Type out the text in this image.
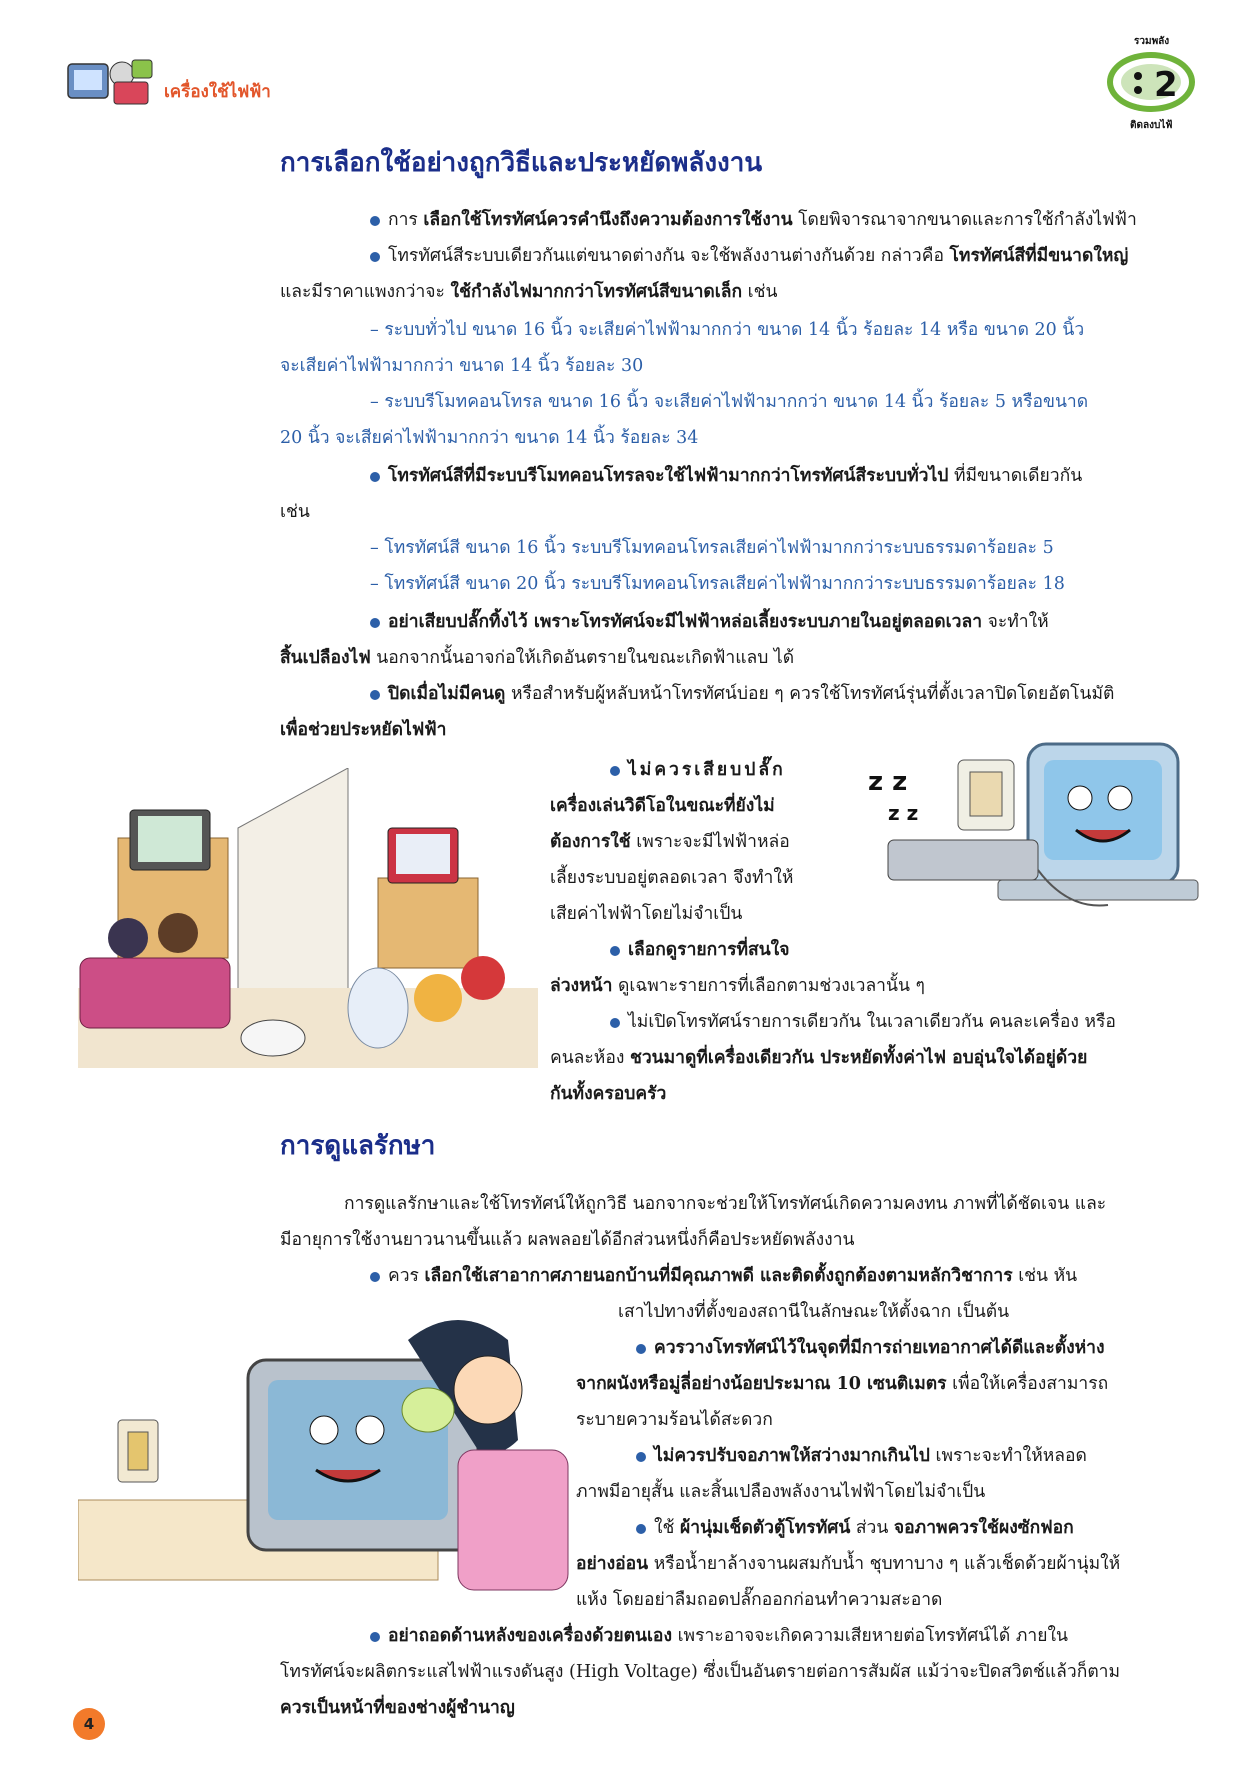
เครื่องใช้ไฟฟ้า	2
รวมพลัง
ติดลงบไฟ้
การเลือกใช้อย่างถูกวิธีและประหยัดพลังงาน

การ เลือกใช้โทรทัศน์ควรคำนึงถึงความต้องการใช้งาน โดยพิจารณาจากขนาดและการใช้กำลังไฟฟ้า

โทรทัศน์สีระบบเดียวกันแต่ขนาดต่างกัน จะใช้พลังงานต่างกันด้วย กล่าวคือ โทรทัศน์สีที่มีขนาดใหญ่

และมีราคาแพงกว่าจะ ใช้กำลังไฟมากกว่าโทรทัศน์สีขนาดเล็ก เช่น

– ระบบทั่วไป ขนาด 16 นิ้ว จะเสียค่าไฟฟ้ามากกว่า ขนาด 14 นิ้ว ร้อยละ 14 หรือ ขนาด 20 นิ้ว

จะเสียค่าไฟฟ้ามากกว่า ขนาด 14 นิ้ว ร้อยละ 30

– ระบบรีโมทคอนโทรล ขนาด 16 นิ้ว จะเสียค่าไฟฟ้ามากกว่า ขนาด 14 นิ้ว ร้อยละ 5 หรือขนาด

20 นิ้ว จะเสียค่าไฟฟ้ามากกว่า ขนาด 14 นิ้ว ร้อยละ 34

โทรทัศน์สีที่มีระบบรีโมทคอนโทรลจะใช้ไฟฟ้ามากกว่าโทรทัศน์สีระบบทั่วไป ที่มีขนาดเดียวกัน

เช่น

– โทรทัศน์สี ขนาด 16 นิ้ว ระบบรีโมทคอนโทรลเสียค่าไฟฟ้ามากกว่าระบบธรรมดาร้อยละ 5

– โทรทัศน์สี ขนาด 20 นิ้ว ระบบรีโมทคอนโทรลเสียค่าไฟฟ้ามากกว่าระบบธรรมดาร้อยละ 18

อย่าเสียบปลั๊กทิ้งไว้ เพราะโทรทัศน์จะมีไฟฟ้าหล่อเลี้ยงระบบภายในอยู่ตลอดเวลา จะทำให้

สิ้นเปลืองไฟ นอกจากนั้นอาจก่อให้เกิดอันตรายในขณะเกิดฟ้าแลบ ได้

ปิดเมื่อไม่มีคนดู หรือสำหรับผู้หลับหน้าโทรทัศน์บ่อย ๆ ควรใช้โทรทัศน์รุ่นที่ตั้งเวลาปิดโดยอัตโนมัติ

เพื่อช่วยประหยัดไฟฟ้า

ไม่ควรเสียบปลั๊ก

เครื่องเล่นวิดีโอในขณะที่ยังไม่

ต้องการใช้ เพราะจะมีไฟฟ้าหล่อ

เลี้ยงระบบอยู่ตลอดเวลา จึงทำให้

เสียค่าไฟฟ้าโดยไม่จำเป็น

เลือกดูรายการที่สนใจ

ล่วงหน้า ดูเฉพาะรายการที่เลือกตามช่วงเวลานั้น ๆ

ไม่เปิดโทรทัศน์รายการเดียวกัน ในเวลาเดียวกัน คนละเครื่อง หรือ

คนละห้อง ชวนมาดูที่เครื่องเดียวกัน ประหยัดทั้งค่าไฟ อบอุ่นใจได้อยู่ด้วย

กันทั้งครอบครัว

z z
z z
การดูแลรักษา

การดูแลรักษาและใช้โทรทัศน์ให้ถูกวิธี นอกจากจะช่วยให้โทรทัศน์เกิดความคงทน ภาพที่ได้ชัดเจน และ

มีอายุการใช้งานยาวนานขึ้นแล้ว ผลพลอยได้อีกส่วนหนึ่งก็คือประหยัดพลังงาน

ควร เลือกใช้เสาอากาศภายนอกบ้านที่มีคุณภาพดี และติดตั้งถูกต้องตามหลักวิชาการ เช่น หัน

เสาไปทางที่ตั้งของสถานีในลักษณะให้ตั้งฉาก เป็นต้น

ควรวางโทรทัศน์ไว้ในจุดที่มีการถ่ายเทอากาศได้ดีและตั้งห่าง

จากผนังหรือมู่ลี่อย่างน้อยประมาณ 10 เซนติเมตร เพื่อให้เครื่องสามารถ

ระบายความร้อนได้สะดวก

ไม่ควรปรับจอภาพให้สว่างมากเกินไป เพราะจะทำให้หลอด

ภาพมีอายุสั้น และสิ้นเปลืองพลังงานไฟฟ้าโดยไม่จำเป็น

ใช้ ผ้านุ่มเช็ดตัวตู้โทรทัศน์ ส่วน จอภาพควรใช้ผงซักฟอก

อย่างอ่อน หรือน้ำยาล้างจานผสมกับน้ำ ชุบทาบาง ๆ แล้วเช็ดด้วยผ้านุ่มให้

แห้ง โดยอย่าลืมถอดปลั๊กออกก่อนทำความสะอาด

อย่าถอดด้านหลังของเครื่องด้วยตนเอง เพราะอาจจะเกิดความเสียหายต่อโทรทัศน์ได้ ภายใน

โทรทัศน์จะผลิตกระแสไฟฟ้าแรงดันสูง (High Voltage) ซึ่งเป็นอันตรายต่อการสัมผัส แม้ว่าจะปิดสวิตช์แล้วก็ตาม

ควรเป็นหน้าที่ของช่างผู้ชำนาญ

4
